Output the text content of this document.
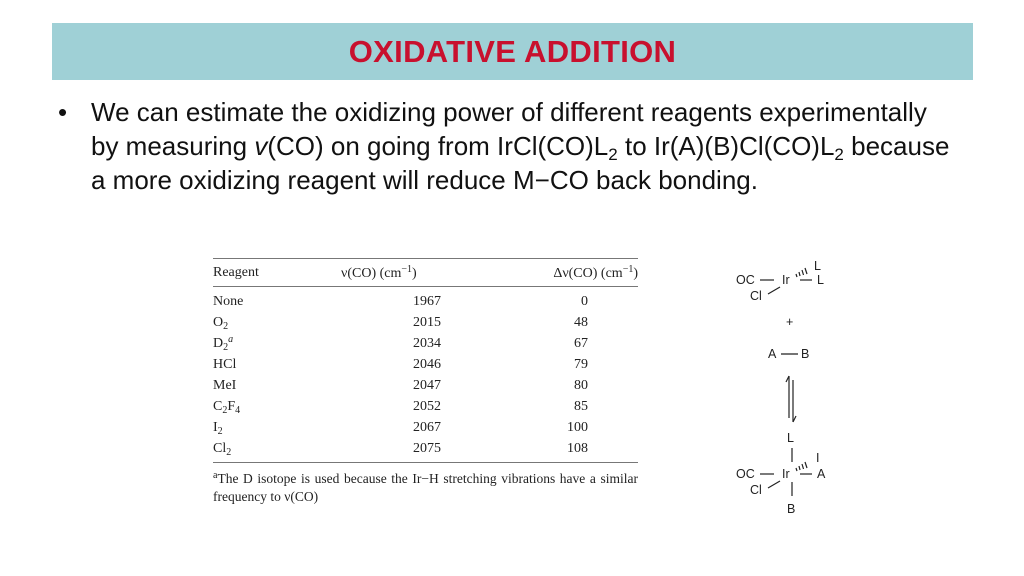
OXIDATIVE ADDITION
• We can estimate the oxidizing power of different reagents experimentally by measuring v(CO) on going from $IrCl(CO)L_2$ to $Ir(A)(B)Cl(CO)L_2$ because a more oxidizing reagent will reduce M−CO back bonding.
Reagent	ν(CO) $(cm^{-1})$	Δν(CO) $(cm^{-1})$
None	1967	0
$O_2$	2015	48
$D_2^a$	2034	67
HCl	2046	79
MeI	2047	80
$C_2F_4$	2052	85
$I_2$	2067	100
$Cl_2$	2075	108
$^a$The D isotope is used because the Ir−H stretching vibrations have a similar frequency to ν(CO)
OC Ir
L
L
Cl
+
A B
L
I
OC Ir A
Cl
B
